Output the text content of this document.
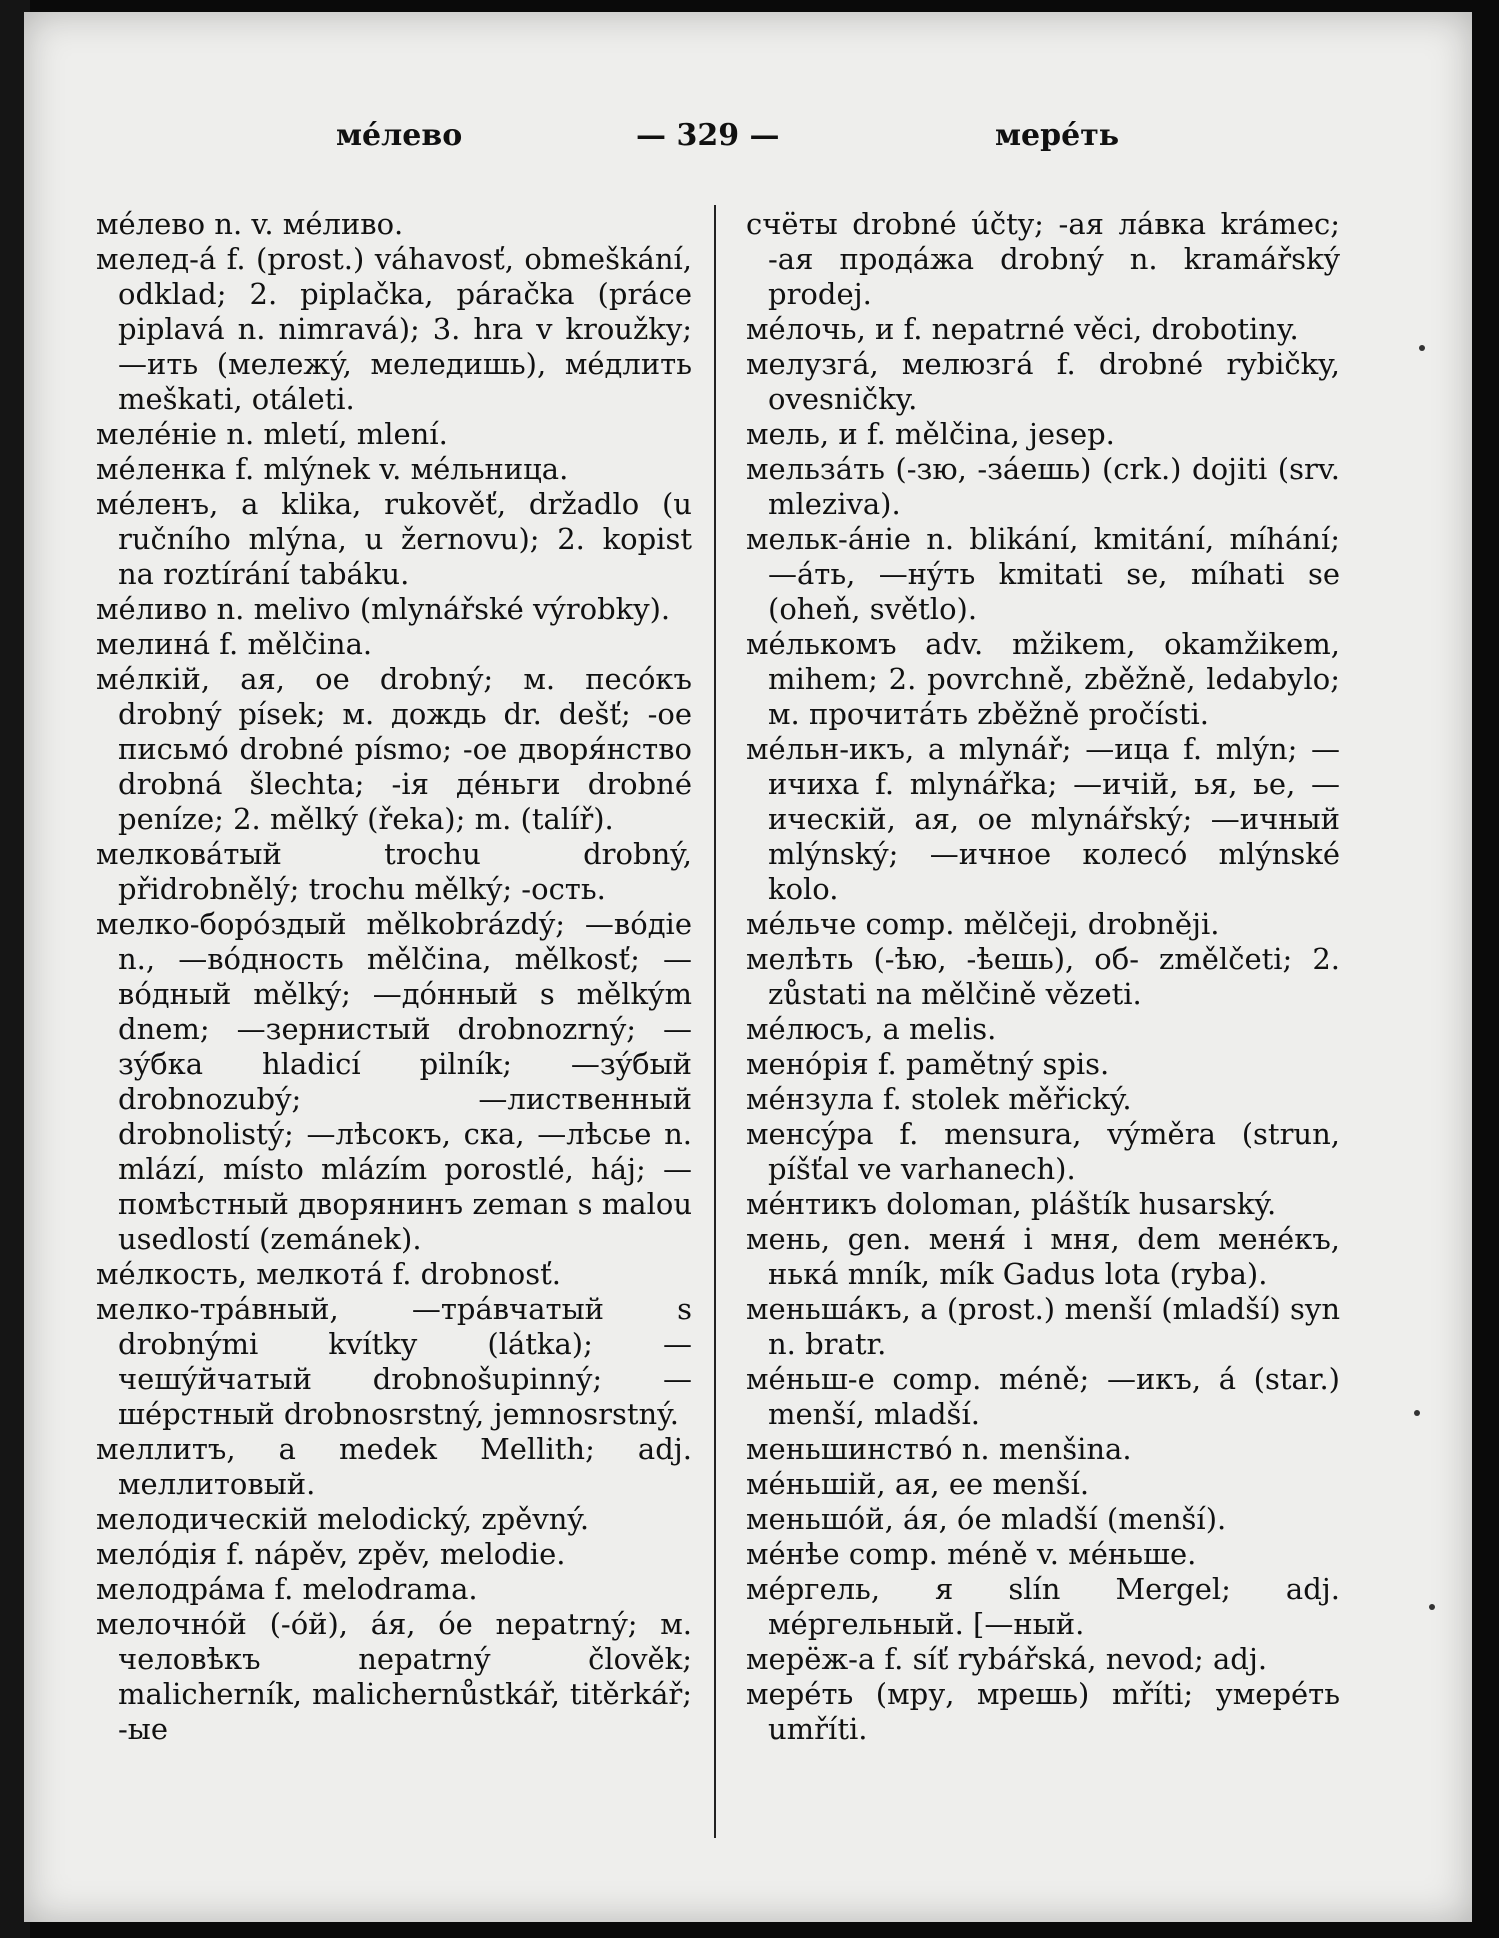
мéлево	— 329 —	мерéть

мéлево n. v. мéливо.

мелед-á f. (prost.) váhavosť, obmeškání, odklad; 2. piplačka, páračka (práce piplavá n. nimravá); 3. hra v kroužky; —ить (мележý, меледишь), мéдлить meškati, otáleti.

мелéніе n. mletí, mlení.

мéленка f. mlýnek v. мéльница.

мéленъ, a klika, rukověť, držadlo (u ručního mlýna, u žernovu); 2. kopist na roztírání tabáku.

мéливо n. melivo (mlynářské výrobky).

мелинá f. mělčina.

мéлкій, ая, ое drobný; м. песóкъ drobný písek; м. дождь dr. dešť; -ое письмó drobné písmo; -ое дворя́нство drobná šlechta; -ія дéньги drobné peníze; 2. mělký (řeka); m. (talíř).

мелковáтый trochu drobný, přidrobnělý; trochu mělký; -ость.

мелко-борóздый mělkobrázdý; —вóдіе n., —вóдность mělčina, mělkosť; —вóдный mělký; —дóнный s mělkým dnem; —зернистый drobnozrný; —зýбка hladicí pilník; —зýбый drobnozubý; —лиственный drobnolistý; —лѣсокъ, ска, —лѣсье n. mlází, místo mlázím porostlé, háj; —помѣстный дворянинъ zeman s malou usedlostí (zemánek).

мéлкость, мелкотá f. drobnosť.

мелко-трáвный, —трáвчатый s drobnými kvítky (látka); — чешýйчатый drobnošupinný; —шéрстный drobnosrstný, jemnosrstný.

меллитъ, a medek Mellith; adj. меллитовый.

мелодическій melodický, zpěvný.

мелóдія f. nápěv, zpěv, melodie.

мелодрáма f. melodrama.

мелочнóй (-óй), áя, óе nepatrný; м. человѣкъ nepatrný člověk; malicherník, malichernůstkář, titěrkář; -ые

счёты drobné účty; -ая лáвка krámec; -ая продáжа drobný n. kramářský prodej.

мéлочь, и f. nepatrné věci, drobotiny.

мелузгá, мелюзгá f. drobné rybičky, ovesničky.

мель, и f. mělčina, jesep.

мельзáть (-зю, -зáешь) (crk.) dojiti (srv. mleziva).

мельк-áніе n. blikání, kmitání, míhání; —áть, —нýть kmitati se, míhati se (oheň, světlo).

мéлькомъ adv. mžikem, okamžikem, mihem; 2. povrchně, zběžně, ledabylo; м. прочитáть zběžně pročísti.

мéльн-икъ, a mlynář; —ица f. mlýn; —ичиха f. mlynářka; —ичій, ья, ье, —ическій, ая, ое mlynářský; —ичный mlýnský; —ичное колесó mlýnské kolo.

мéльче comp. mělčeji, drobněji.

мелѣть (-ѣю, -ѣешь), об- změlčeti; 2. zůstati na mělčině vězeti.

мéлюсъ, a melis.

менóрія f. pamětný spis.

мéнзула f. stolek měřický.

менсýра f. mensura, výměra (strun, píšťal ve varhanech).

мéнтикъ doloman, pláštík husarský.

мень, gen. меня́ i мня, dem менéкъ, нькá mník, mík Gadus lota (ryba).

меньшáкъ, a (prost.) menší (mladší) syn n. bratr.

мéньш-е comp. méně; —икъ, á (star.) menší, mladší.

меньшинствó n. menšina.

мéньшій, ая, ее menší.

меньшóй, áя, óе mladší (menší).

мéнѣе comp. méně v. мéньше.

мéргель, я slín Mergel; adj. мéргельный. [—ный.

мерёж-а f. síť rybářská, nevod; adj.

мерéть (мру, мрешь) mříti; умерéть umříti.
